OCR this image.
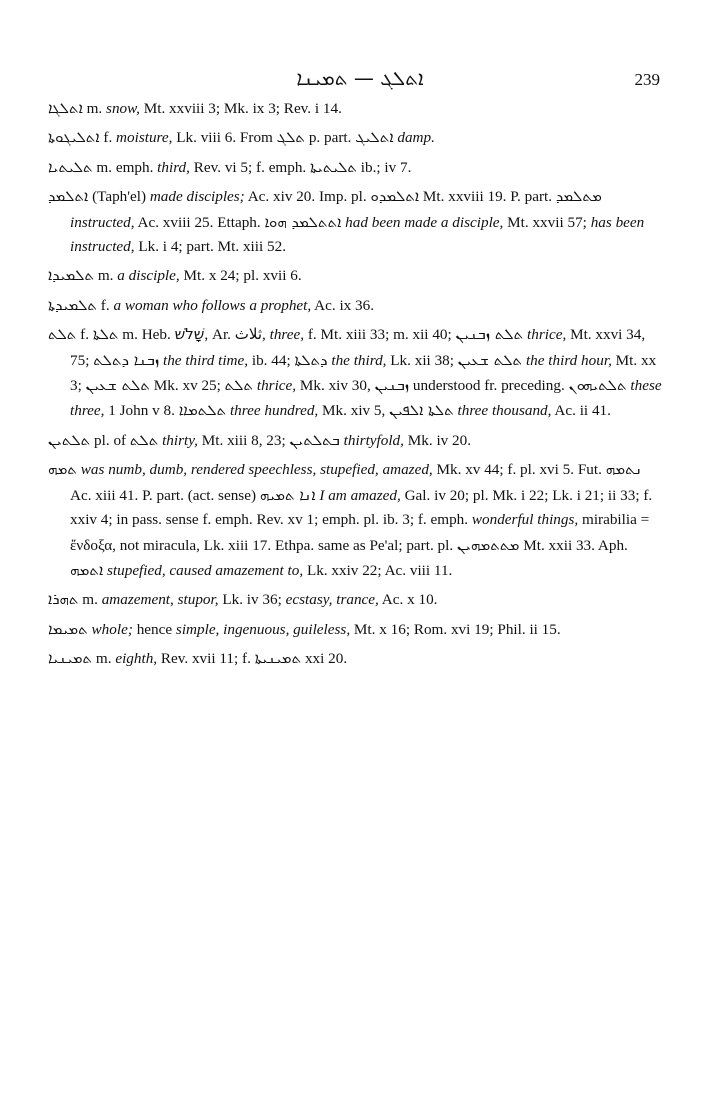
ܐܬܠܓ — ܬܡܝܢܐ	239

ܐܬܠܓܐ m. snow, Mt. xxviii 3; Mk. ix 3; Rev. i 14.

ܐܬܠܝܓܘܬܐ f. moisture, Lk. viii 6. From ܬܠܓ p. part. ܐܬܠܝܓ damp.

ܬܠܝܬܝܐ m. emph. third, Rev. vi 5; f. emph. ܬܠܝܬܝܬܐ ib.; iv 7.

ܐܬܠܡܕ (Taph'el) made disciples; Ac. xiv 20. Imp. pl. ܐܬܠܡܕܘ Mt. xxviii 19. P. part. ܡܬܠܡܕ instructed, Ac. xviii 25. Ettaph. ܐܬܬܠܡܕ ܗܘܐ had been made a disciple, Mt. xxvii 57; has been instructed, Lk. i 4; part. Mt. xiii 52.

ܬܠܡܝܕܐ m. a disciple, Mt. x 24; pl. xvii 6.

ܬܠܡܝܕܬܐ f. a woman who follows a prophet, Ac. ix 36.

ܬܠܬ f. ܬܠܬܐ m. Heb. שָׁלֹשׁ, Ar. ثلاث, three, f. Mt. xiii 33; m. xii 40; ܬܠܬ ܙܒܢܝܢ thrice, Mt. xxvi 34, 75; ܙܒܢܐ ܕܬܠܬ the third time, ib. 44; ܕܬܠܬܐ the third, Lk. xii 38; ܬܠܬ ܫܥܝܢ the third hour, Mt. xx 3; ܬܠܬ ܫܥܝܢ Mk. xv 25; ܬܠܬ thrice, Mk. xiv 30, ܙܒܢܝܢ understood fr. preceding. ܬܠܬܝܗܘܢ these three, 1 John v 8. ܬܠܬܡܐܐ three hundred, Mk. xiv 5, ܬܠܬܐ ܐܠܦܝܢ three thousand, Ac. ii 41.

ܬܠܬܝܢ pl. of ܬܠܬ thirty, Mt. xiii 8, 23; ܒܬܠܬܝܢ thirtyfold, Mk. iv 20.

ܬܡܗ was numb, dumb, rendered speechless, stupefied, amazed, Mk. xv 44; f. pl. xvi 5. Fut. ܢܬܡܗ Ac. xiii 41. P. part. (act. sense) ܐܢܐ ܬܡܝܗ I am amazed, Gal. iv 20; pl. Mk. i 22; Lk. i 21; ii 33; f. xxiv 4; in pass. sense f. emph. Rev. xv 1; emph. pl. ib. 3; f. emph. wonderful things, mirabilia = ἔνδοξα, not miracula, Lk. xiii 17. Ethpa. same as Pe'al; part. pl. ܡܬܬܡܗܝܢ Mt. xxii 33. Aph. ܐܬܡܗ stupefied, caused amazement to, Lk. xxiv 22; Ac. viii 11.

ܬܗܪܐ m. amazement, stupor, Lk. iv 36; ecstasy, trance, Ac. x 10.

ܬܡܝܡܐ whole; hence simple, ingenuous, guileless, Mt. x 16; Rom. xvi 19; Phil. ii 15.

ܬܡܝܢܝܐ m. eighth, Rev. xvii 11; f. ܬܡܝܢܝܬܐ xxi 20.
